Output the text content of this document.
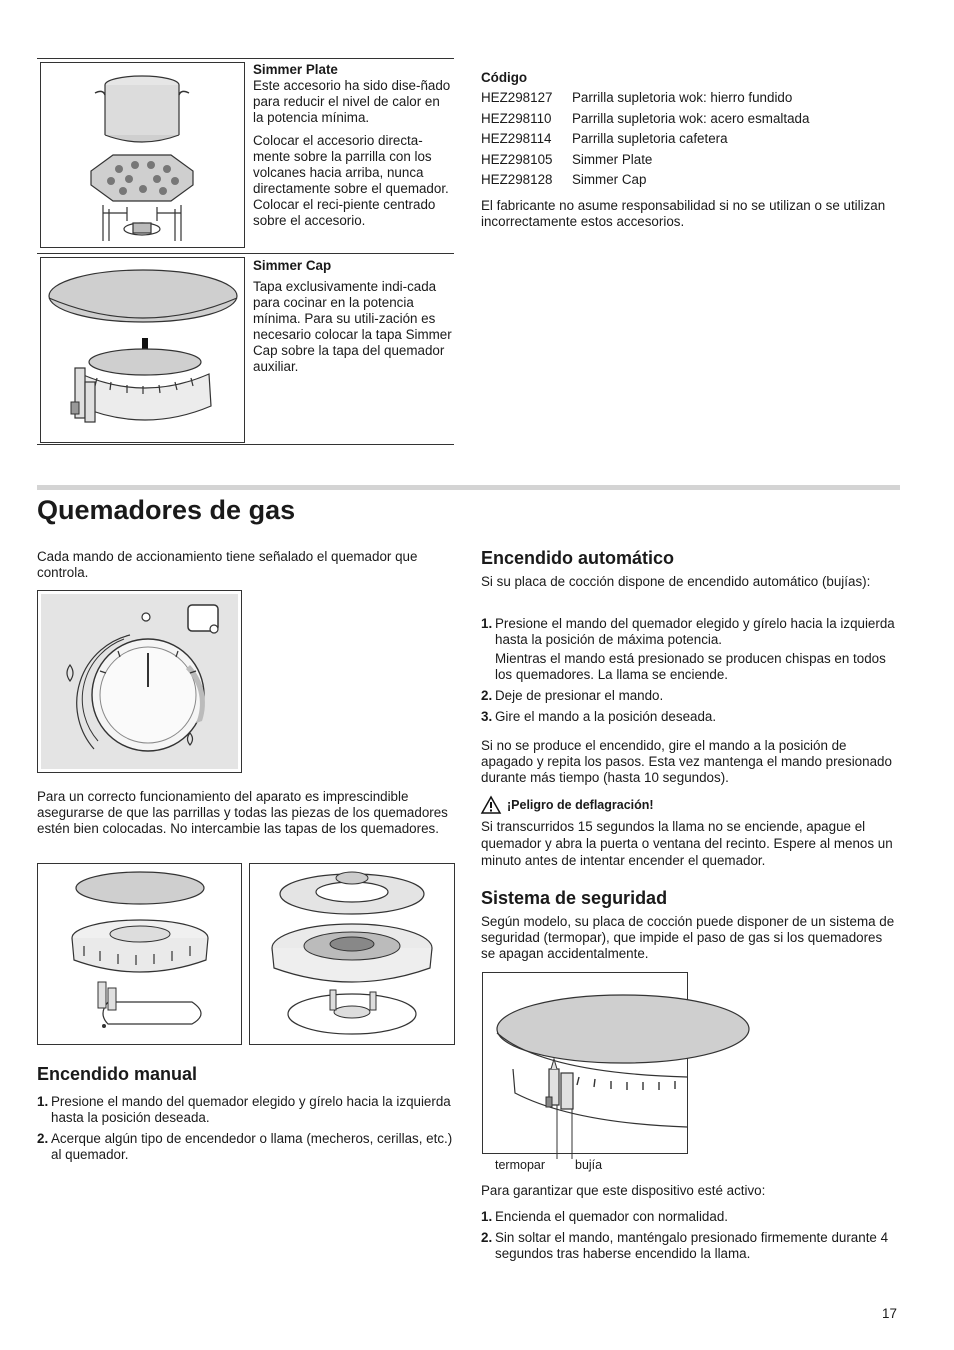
Simmer Plate

Este accesorio ha sido dise-ñado para reducir el nivel de calor en la potencia mínima.

Colocar el accesorio directa-mente sobre la parrilla con los volcanes hacia arriba, nunca directamente sobre el quemador. Colocar el reci-piente centrado sobre el accesorio.

Simmer Cap

Tapa exclusivamente indi-cada para cocinar en la potencia mínima. Para su utili-zación es necesario colocar la tapa Simmer Cap sobre la tapa del quemador auxiliar.

Código

HEZ298127 Parrilla supletoria wok: hierro fundido
HEZ298110 Parrilla supletoria wok: acero esmaltada
HEZ298114 Parrilla supletoria cafetera
HEZ298105 Simmer Plate
HEZ298128 Simmer Cap

El fabricante no asume responsabilidad si no se utilizan o se utilizan incorrectamente estos accesorios.

Quemadores de gas

Cada mando de accionamiento tiene señalado el quemador que controla.

Para un correcto funcionamiento del aparato es imprescindible asegurarse de que las parrillas y todas las piezas de los quemadores estén bien colocadas. No intercambie las tapas de los quemadores.

Encendido manual
1. Presione el mando del quemador elegido y gírelo hacia la izquierda hasta la posición deseada.
2. Acerque algún tipo de encendedor o llama (mecheros, cerillas, etc.) al quemador.
Encendido automático

Si su placa de cocción dispone de encendido automático (bujías):

1. Presione el mando del quemador elegido y gírelo hacia la izquierda hasta la posición de máxima potencia.
Mientras el mando está presionado se producen chispas en todos los quemadores. La llama se enciende.
2. Deje de presionar el mando.
3. Gire el mando a la posición deseada.

Si no se produce el encendido, gire el mando a la posición de apagado y repita los pasos. Esta vez mantenga el mando presionado durante más tiempo (hasta 10 segundos).

¡Peligro de deflagración!

Si transcurridos 15 segundos la llama no se enciende, apague el quemador y abra la puerta o ventana del recinto. Espere al menos un minuto antes de intentar encender el quemador.

Sistema de seguridad

Según modelo, su placa de cocción puede disponer de un sistema de seguridad (termopar), que impide el paso de gas si los quemadores se apagan accidentalmente.

termopar bujía

Para garantizar que este dispositivo esté activo:

1. Encienda el quemador con normalidad.
2. Sin soltar el mando, manténgalo presionado firmemente durante 4 segundos tras haberse encendido la llama.
17
